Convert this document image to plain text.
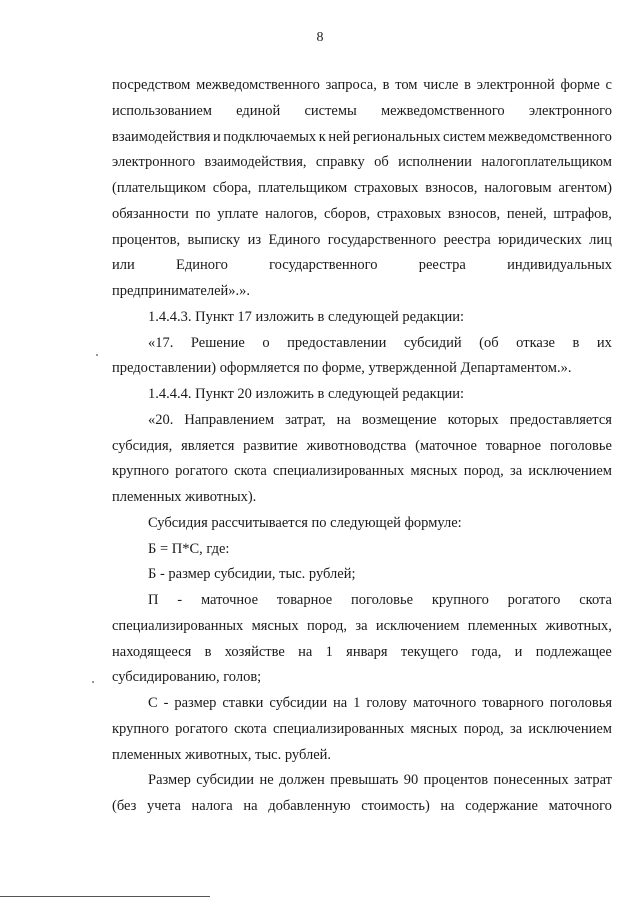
8
посредством межведомственного запроса, в том числе в электронной форме с
использованием единой системы межведомственного электронного
взаимодействия и подключаемых к ней региональных систем межведомственного
электронного взаимодействия, справку об исполнении налогоплательщиком
(плательщиком сбора, плательщиком страховых взносов, налоговым агентом)
обязанности по уплате налогов, сборов, страховых взносов, пеней, штрафов,
процентов, выписку из Единого государственного реестра юридических лиц
или	Единого	государственного	реестра	индивидуальных
предпринимателей».».
1.4.4.3. Пункт 17 изложить в следующей редакции:
«17. Решение о предоставлении субсидий (об отказе в их
предоставлении) оформляется по форме, утвержденной Департаментом.».
1.4.4.4. Пункт 20 изложить в следующей редакции:
«20. Направлением затрат, на возмещение которых предоставляется
субсидия, является развитие животноводства (маточное товарное поголовье
крупного рогатого скота специализированных мясных пород, за исключением
племенных животных).
Субсидия рассчитывается по следующей формуле:
Б = П*С, где:
Б - размер субсидии, тыс. рублей;
П - маточное товарное поголовье крупного рогатого скота
специализированных мясных пород, за исключением племенных животных,
находящееся в хозяйстве на 1 января текущего года, и подлежащее
субсидированию, голов;
С - размер ставки субсидии на 1 голову маточного товарного поголовья
крупного рогатого скота специализированных мясных пород, за исключением
племенных животных, тыс. рублей.
Размер субсидии не должен превышать 90 процентов понесенных затрат
(без учета налога на добавленную стоимость) на содержание маточного
